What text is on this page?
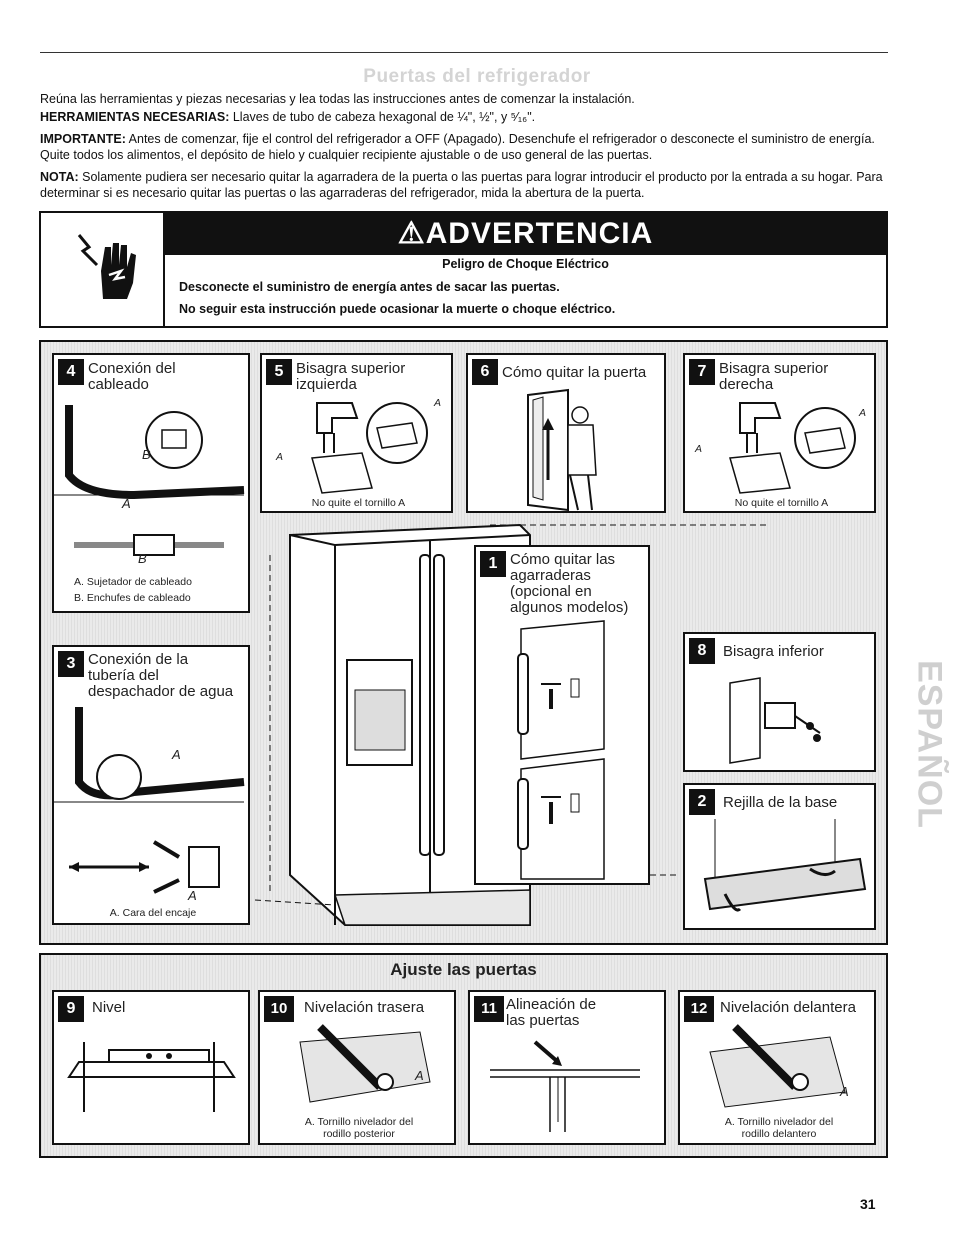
Puertas del refrigerador
Reúna las herramientas y piezas necesarias y lea todas las instrucciones antes de comenzar la instalación.
HERRAMIENTAS NECESARIAS: Llaves de tubo de cabeza hexagonal de ¼", ½", y ⁵⁄₁₆".
IMPORTANTE: Antes de comenzar, fije el control del refrigerador a OFF (Apagado). Desenchufe el refrigerador o desconecte el suministro de energía. Quite todos los alimentos, el depósito de hielo y cualquier recipiente ajustable o de uso general de las puertas.
NOTA: Solamente pudiera ser necesario quitar la agarradera de la puerta o las puertas para lograr introducir el producto por la entrada a su hogar. Para determinar si es necesario quitar las puertas o las agarraderas del refrigerador, mida la abertura de la puerta.
⚠ADVERTENCIA
Peligro de Choque Eléctrico
Desconecte el suministro de energía antes de sacar las puertas.
No seguir esta instrucción puede ocasionar la muerte o choque eléctrico.
4 Conexión del
cableado
B
A
B
A. Sujetador de cableado
B. Enchufes de cableado
5 Bisagra superior
izquierda
A
A
No quite el tornillo A
6 Cómo quitar la puerta	7 Bisagra superior
derecha
A
A
No quite el tornillo A
1 Cómo quitar las
agarraderas
(opcional en
algunos modelos)
3 Conexión de la
tubería del
despachador de agua
A
A
A. Cara del encaje
8	Bisagra inferior
2	Rejilla de la base
Ajuste las puertas
9	Nivel	10	Nivelación trasera
A
A. Tornillo nivelador del
rodillo posterior
11 Alineación de
las puertas
12 Nivelación delantera
A
A. Tornillo nivelador del
rodillo delantero
ESPAÑOL
31
